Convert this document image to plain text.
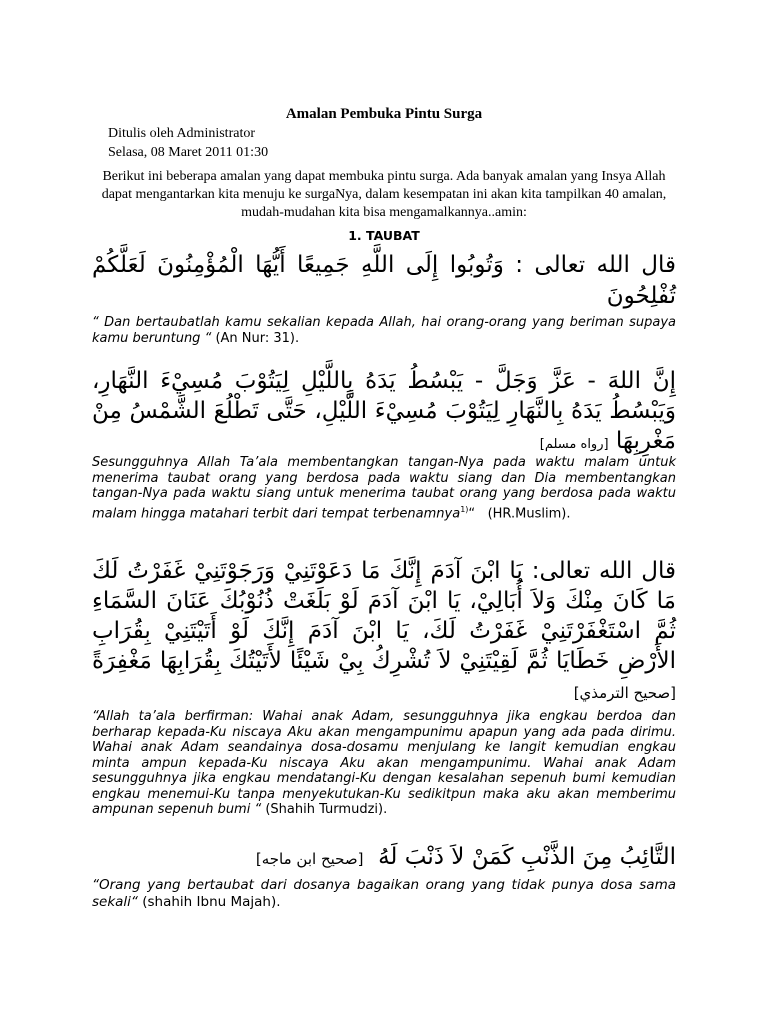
Amalan Pembuka Pintu Surga
Ditulis oleh Administrator
Selasa, 08 Maret 2011 01:30
Berikut ini beberapa amalan yang dapat membuka pintu surga. Ada banyak amalan yang Insya Allah dapat mengantarkan kita menuju ke surgaNya, dalam kesempatan ini akan kita tampilkan 40 amalan, mudah-mudahan kita bisa mengamalkannya..amin:
1. TAUBAT
قال الله تعالى : وَتُوبُوا إِلَى اللَّهِ جَمِيعًا أَيُّهَا الْمُؤْمِنُونَ لَعَلَّكُمْ تُفْلِحُونَ
“ Dan bertaubatlah kamu sekalian kepada Allah, hai orang-orang yang beriman supaya kamu beruntung “ (An Nur: 31).
إِنَّ اللهَ - عَزَّ وَجَلَّ - يَبْسُطُ يَدَهُ بِاللَّيْلِ لِيَتُوْبَ مُسِيْءَ النَّهَارِ، وَيَبْسُطُ يَدَهُ بِالنَّهَارِ لِيَتُوْبَ مُسِيْءَ اللَّيْلِ، حَتَّى تَطْلُعَ الشَّمْسُ مِنْ مَغْرِبِهَا [رواه مسلم]
Sesungguhnya Allah Ta’ala membentangkan tangan-Nya pada waktu malam untuk menerima taubat orang yang berdosa pada waktu siang dan Dia membentangkan tangan-Nya pada waktu siang untuk menerima taubat orang yang berdosa pada waktu malam hingga matahari terbit dari tempat terbenamnya$^{1)}$“ (HR.Muslim).
قال الله تعالى: يَا ابْنَ آدَمَ إِنَّكَ مَا دَعَوْتَنِيْ وَرَجَوْتَنِيْ غَفَرْتُ لَكَ مَا كَانَ مِنْكَ وَلاَ أُبَالِيْ، يَا ابْنَ آدَمَ لَوْ بَلَغَتْ ذُنُوْبُكَ عَنَانَ السَّمَاءِ ثُمَّ اسْتَغْفَرْتَنِيْ غَفَرْتُ لَكَ، يَا ابْنَ آدَمَ إِنَّكَ لَوْ أَتَيْتَنِيْ بِقُرَابِ الأَرْضِ خَطَايَا ثُمَّ لَقِيْتَنِيْ لاَ تُشْرِكُ بِيْ شَيْئًا لأَتَيْتُكَ بِقُرَابِهَا مَغْفِرَةً [صحيح الترمذي]
“Allah ta’ala berfirman: Wahai anak Adam, sesungguhnya jika engkau berdoa dan berharap kepada-Ku niscaya Aku akan mengampunimu apapun yang ada pada dirimu. Wahai anak Adam seandainya dosa-dosamu menjulang ke langit kemudian engkau minta ampun kepada-Ku niscaya Aku akan mengampunimu. Wahai anak Adam sesungguhnya jika engkau mendatangi-Ku dengan kesalahan sepenuh bumi kemudian engkau menemui-Ku tanpa menyekutukan-Ku sedikitpun maka aku akan memberimu ampunan sepenuh bumi “ (Shahih Turmudzi).
التَّائِبُ مِنَ الذَّنْبِ كَمَنْ لاَ ذَنْبَ لَهُ  [صحيح ابن ماجه]
“Orang yang bertaubat dari dosanya bagaikan orang yang tidak punya dosa sama sekali“ (shahih Ibnu Majah).
